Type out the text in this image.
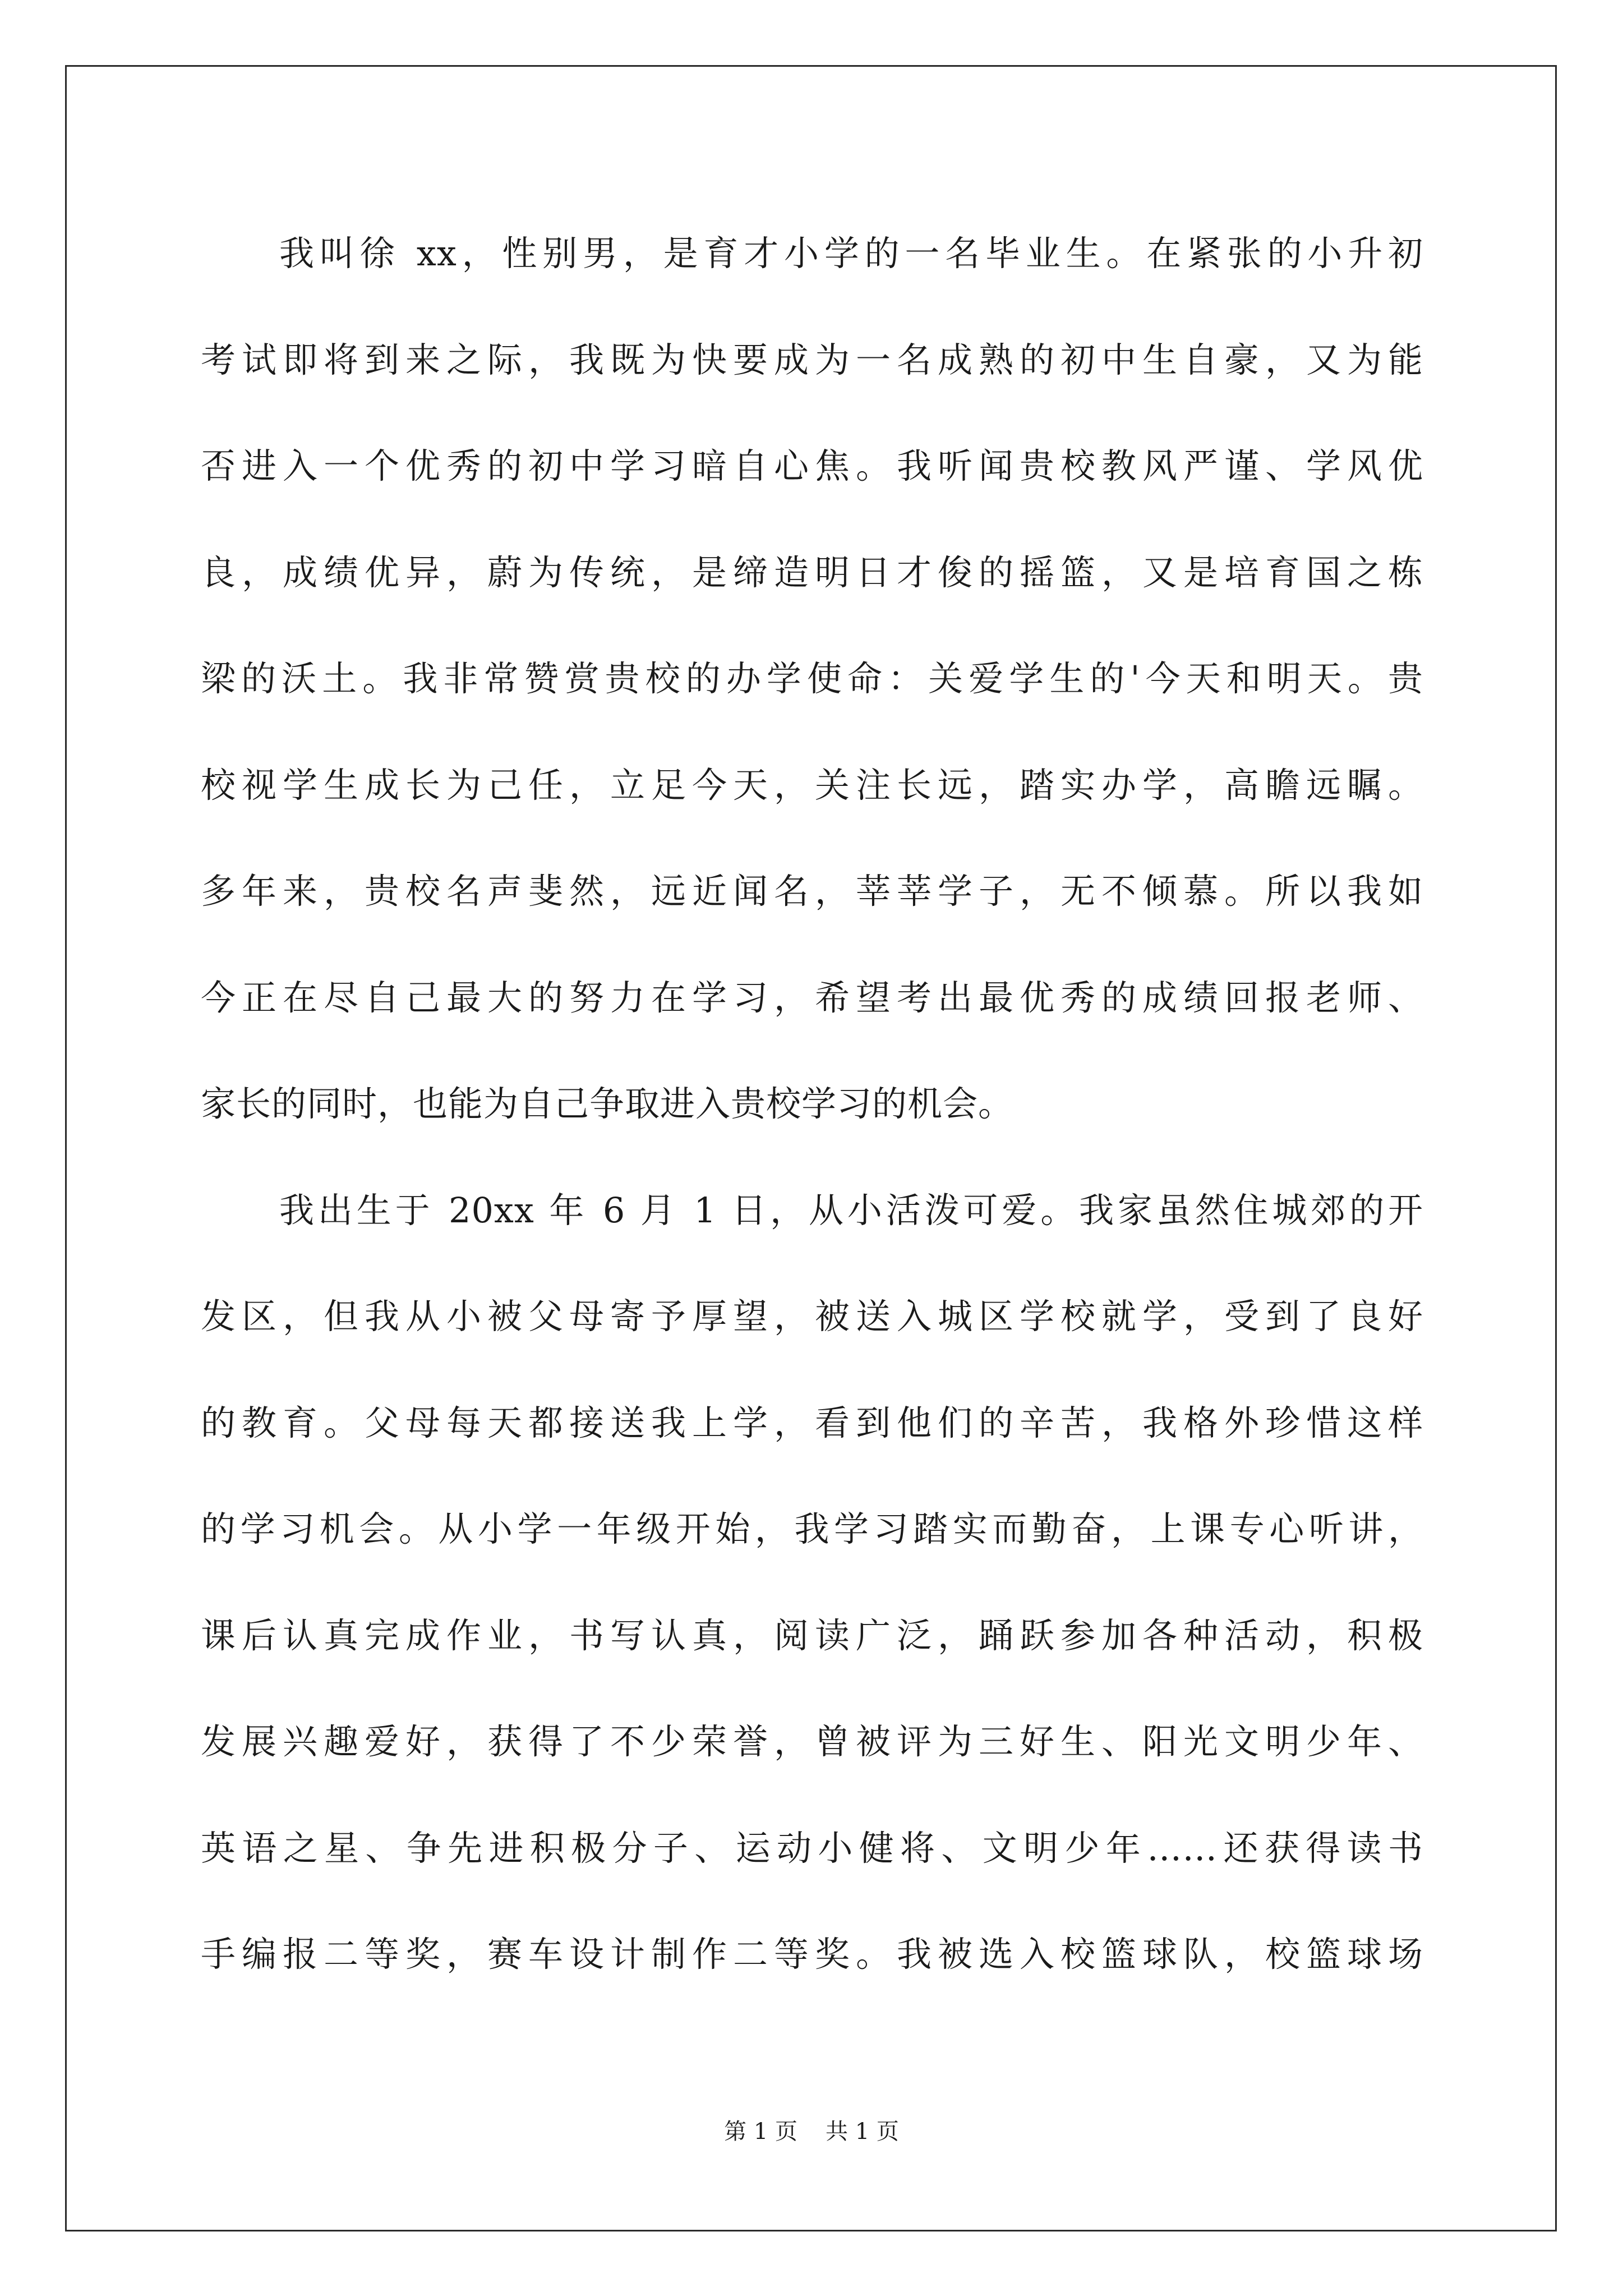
我叫徐 xx，性别男，是育才小学的一名毕业生。在紧张的小升初
考试即将到来之际，我既为快要成为一名成熟的初中生自豪，又为能
否进入一个优秀的初中学习暗自心焦。我听闻贵校教风严谨、学风优
良，成绩优异，蔚为传统，是缔造明日才俊的摇篮，又是培育国之栋
梁的沃土。我非常赞赏贵校的办学使命：关爱学生的'今天和明天。贵
校视学生成长为己任，立足今天，关注长远，踏实办学，高瞻远瞩。
多年来，贵校名声斐然，远近闻名，莘莘学子，无不倾慕。所以我如
今正在尽自己最大的努力在学习，希望考出最优秀的成绩回报老师、
家长的同时，也能为自己争取进入贵校学习的机会。
我出生于 20xx 年 6 月 1 日，从小活泼可爱。我家虽然住城郊的开
发区，但我从小被父母寄予厚望，被送入城区学校就学，受到了良好
的教育。父母每天都接送我上学，看到他们的辛苦，我格外珍惜这样
的学习机会。从小学一年级开始，我学习踏实而勤奋，上课专心听讲，
课后认真完成作业，书写认真，阅读广泛，踊跃参加各种活动，积极
发展兴趣爱好，获得了不少荣誉，曾被评为三好生、阳光文明少年、
英语之星、争先进积极分子、运动小健将、文明少年……还获得读书
手编报二等奖，赛车设计制作二等奖。我被选入校篮球队，校篮球场
第 1 页 共 1 页
